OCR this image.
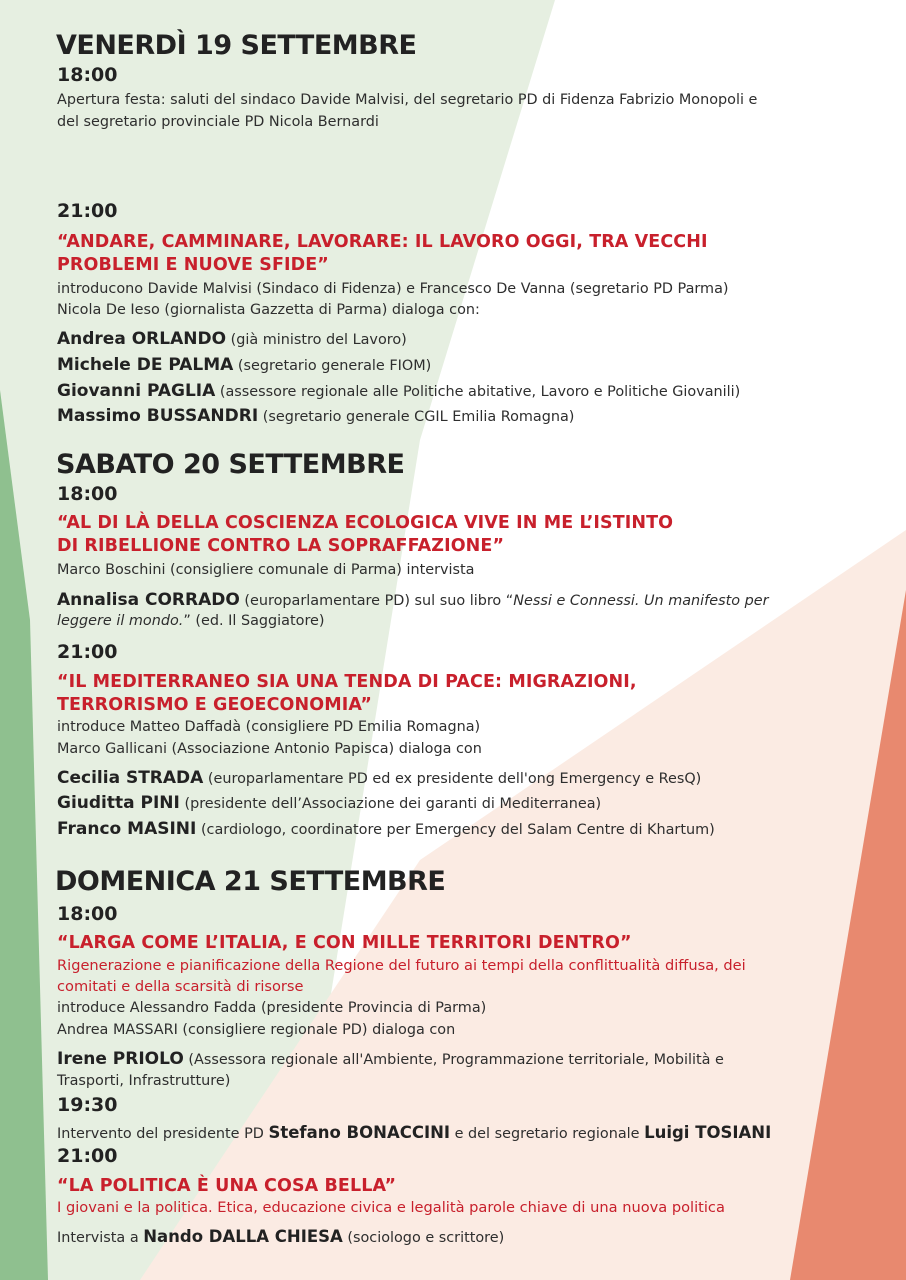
VENERDÌ 19 SETTEMBRE
18:00
Apertura festa: saluti del sindaco Davide Malvisi, del segretario PD di Fidenza Fabrizio Monopoli e
del segretario provinciale PD Nicola Bernardi
21:00
“ANDARE, CAMMINARE, LAVORARE: IL LAVORO OGGI, TRA VECCHI
PROBLEMI E NUOVE SFIDE”
introducono Davide Malvisi (Sindaco di Fidenza) e Francesco De Vanna (segretario PD Parma)
Nicola De Ieso (giornalista Gazzetta di Parma) dialoga con:
Andrea ORLANDO (già ministro del Lavoro)
Michele DE PALMA (segretario generale FIOM)
Giovanni PAGLIA (assessore regionale alle Politiche abitative, Lavoro e Politiche Giovanili)
Massimo BUSSANDRI (segretario generale CGIL Emilia Romagna)
SABATO 20 SETTEMBRE
18:00
“AL DI LÀ DELLA COSCIENZA ECOLOGICA VIVE IN ME L’ISTINTO
DI RIBELLIONE CONTRO LA SOPRAFFAZIONE”
Marco Boschini (consigliere comunale di Parma) intervista
Annalisa CORRADO (europarlamentare PD) sul suo libro “Nessi e Connessi. Un manifesto per
leggere il mondo.” (ed. Il Saggiatore)
21:00
“IL MEDITERRANEO SIA UNA TENDA DI PACE: MIGRAZIONI,
TERRORISMO E GEOECONOMIA”
introduce Matteo Daffadà (consigliere PD Emilia Romagna)
Marco Gallicani (Associazione Antonio Papisca) dialoga con
Cecilia STRADA (europarlamentare PD ed ex presidente dell'ong Emergency e ResQ)
Giuditta PINI (presidente dell’Associazione dei garanti di Mediterranea)
Franco MASINI (cardiologo, coordinatore per Emergency del Salam Centre di Khartum)
DOMENICA 21 SETTEMBRE
18:00
“LARGA COME L’ITALIA, E CON MILLE TERRITORI DENTRO”
Rigenerazione e pianificazione della Regione del futuro ai tempi della conflittualità diffusa, dei
comitati e della scarsità di risorse
introduce Alessandro Fadda (presidente Provincia di Parma)
Andrea MASSARI (consigliere regionale PD) dialoga con
Irene PRIOLO (Assessora regionale all'Ambiente, Programmazione territoriale, Mobilità e
Trasporti, Infrastrutture)
19:30
Intervento del presidente PD Stefano BONACCINI e del segretario regionale Luigi TOSIANI
21:00
“LA POLITICA È UNA COSA BELLA”
I giovani e la politica. Etica, educazione civica e legalità parole chiave di una nuova politica
Intervista a Nando DALLA CHIESA (sociologo e scrittore)
